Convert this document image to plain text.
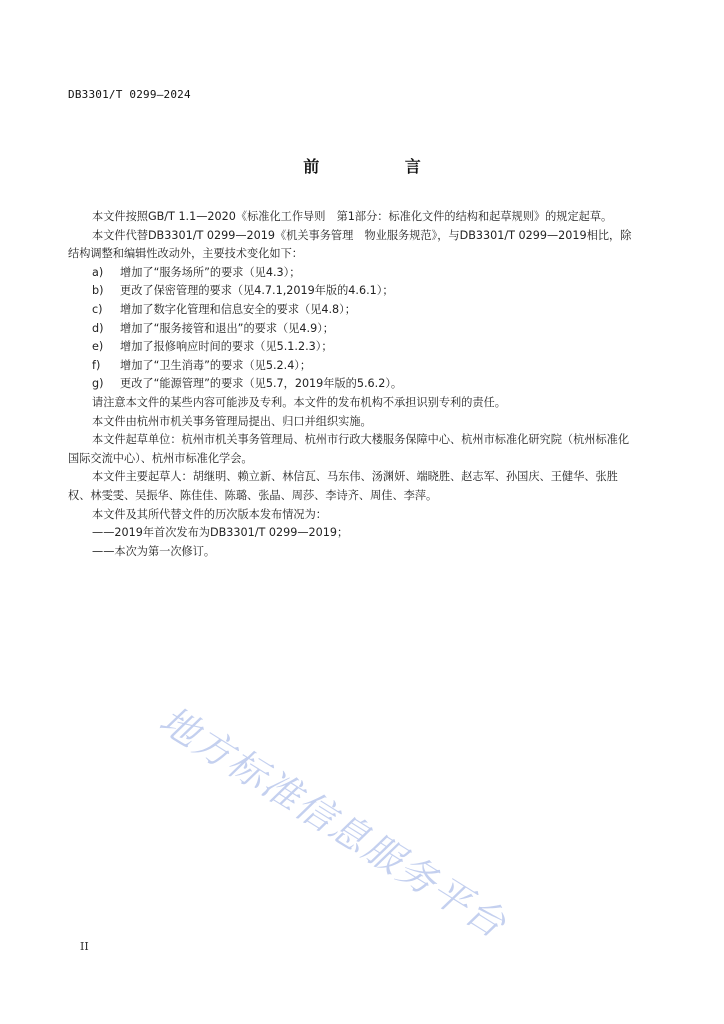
DB3301/T 0299—2024
前 言

本文件按照GB/T 1.1—2020《标准化工作导则　第1部分：标准化文件的结构和起草规则》的规定起草。

本文件代替DB3301/T 0299—2019《机关事务管理　物业服务规范》，与DB3301/T 0299—2019相比，除结构调整和编辑性改动外，主要技术变化如下：

a) 增加了“服务场所”的要求（见4.3）；

b) 更改了保密管理的要求（见4.7.1,2019年版的4.6.1）；

c) 增加了数字化管理和信息安全的要求（见4.8）；

d) 增加了“服务接管和退出”的要求（见4.9）；

e) 增加了报修响应时间的要求（见5.1.2.3）；

f) 增加了“卫生消毒”的要求（见5.2.4）；

g) 更改了“能源管理”的要求（见5.7，2019年版的5.6.2）。

请注意本文件的某些内容可能涉及专利。本文件的发布机构不承担识别专利的责任。

本文件由杭州市机关事务管理局提出、归口并组织实施。

本文件起草单位：杭州市机关事务管理局、杭州市行政大楼服务保障中心、杭州市标准化研究院（杭州标准化国际交流中心）、杭州市标准化学会。

本文件主要起草人：胡继明、赖立新、林信瓦、马东伟、汤渊妍、端晓胜、赵志军、孙国庆、王健华、张胜权、林雯雯、吴振华、陈佳佳、陈璐、张晶、周莎、李诗齐、周佳、李萍。

本文件及其所代替文件的历次版本发布情况为：

——2019年首次发布为DB3301/T 0299—2019；

——本次为第一次修订。

地方标准信息服务平台
II
